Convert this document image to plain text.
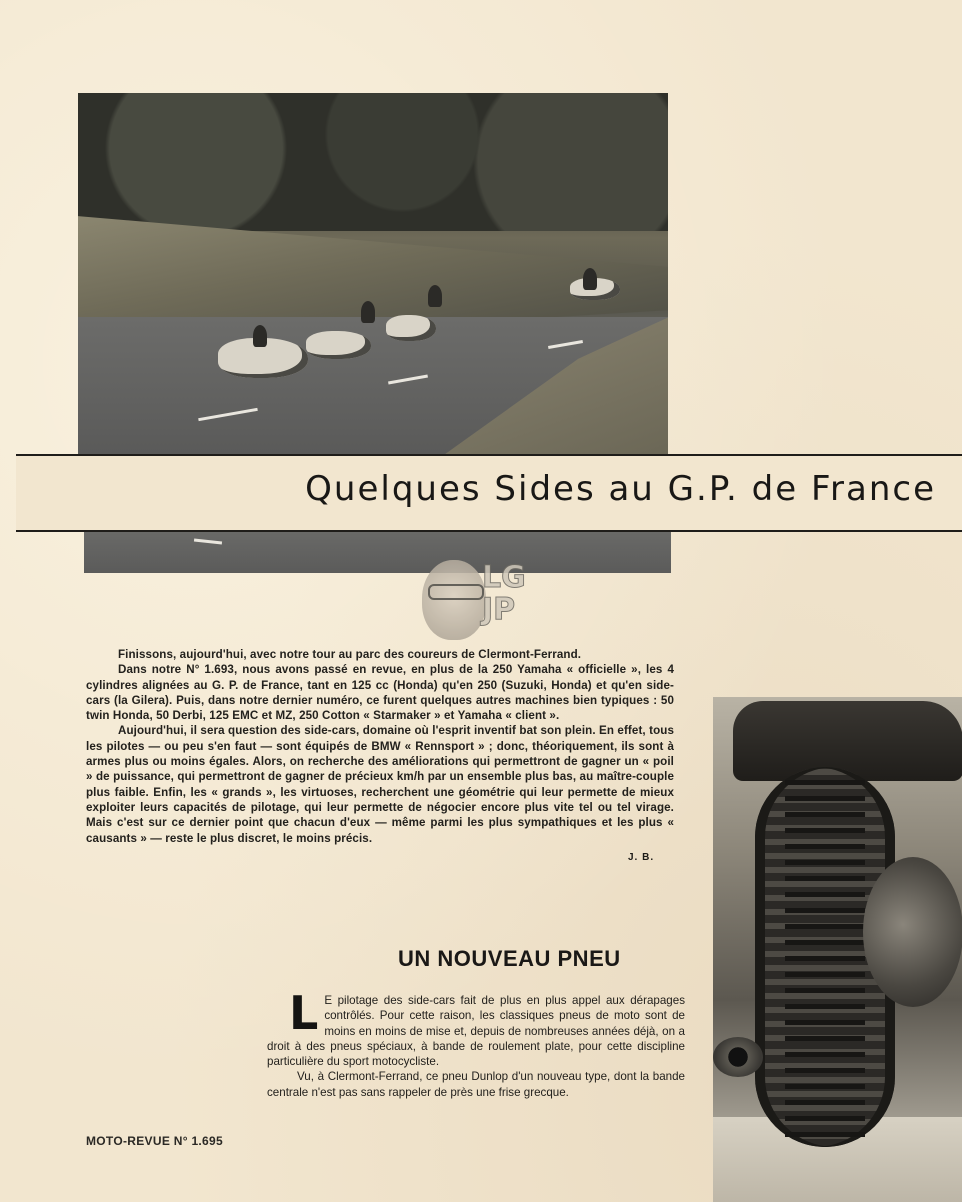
Quelques Sides au G.P. de France
LG JP

Finissons, aujourd'hui, avec notre tour au parc des coureurs de Clermont-Ferrand.

Dans notre N° 1.693, nous avons passé en revue, en plus de la 250 Yamaha « officielle », les 4 cylindres alignées au G. P. de France, tant en 125 cc (Honda) qu'en 250 (Suzuki, Honda) et qu'en side-cars (la Gilera). Puis, dans notre dernier numéro, ce furent quelques autres machines bien typiques : 50 twin Honda, 50 Derbi, 125 EMC et MZ, 250 Cotton « Starmaker » et Yamaha « client ».

Aujourd'hui, il sera question des side-cars, domaine où l'esprit inventif bat son plein. En effet, tous les pilotes — ou peu s'en faut — sont équipés de BMW « Rennsport » ; donc, théoriquement, ils sont à armes plus ou moins égales. Alors, on recherche des améliorations qui permettront de gagner un « poil » de puissance, qui permettront de gagner de précieux km/h par un ensemble plus bas, au maître-couple plus faible. Enfin, les « grands », les virtuoses, recherchent une géométrie qui leur permette de mieux exploiter leurs capacités de pilotage, qui leur permette de négocier encore plus vite tel ou tel virage. Mais c'est sur ce dernier point que chacun d'eux — même parmi les plus sympathiques et les plus « causants » — reste le plus discret, le moins précis.

J. B.
UN NOUVEAU PNEU

L E pilotage des side-cars fait de plus en plus appel aux dérapages contrôlés. Pour cette raison, les classiques pneus de moto sont de moins en moins de mise et, depuis de nombreuses années déjà, on a droit à des pneus spéciaux, à bande de roulement plate, pour cette discipline particulière du sport motocycliste.

Vu, à Clermont-Ferrand, ce pneu Dunlop d'un nouveau type, dont la bande centrale n'est pas sans rappeler de près une frise grecque.

MOTO-REVUE N° 1.695
